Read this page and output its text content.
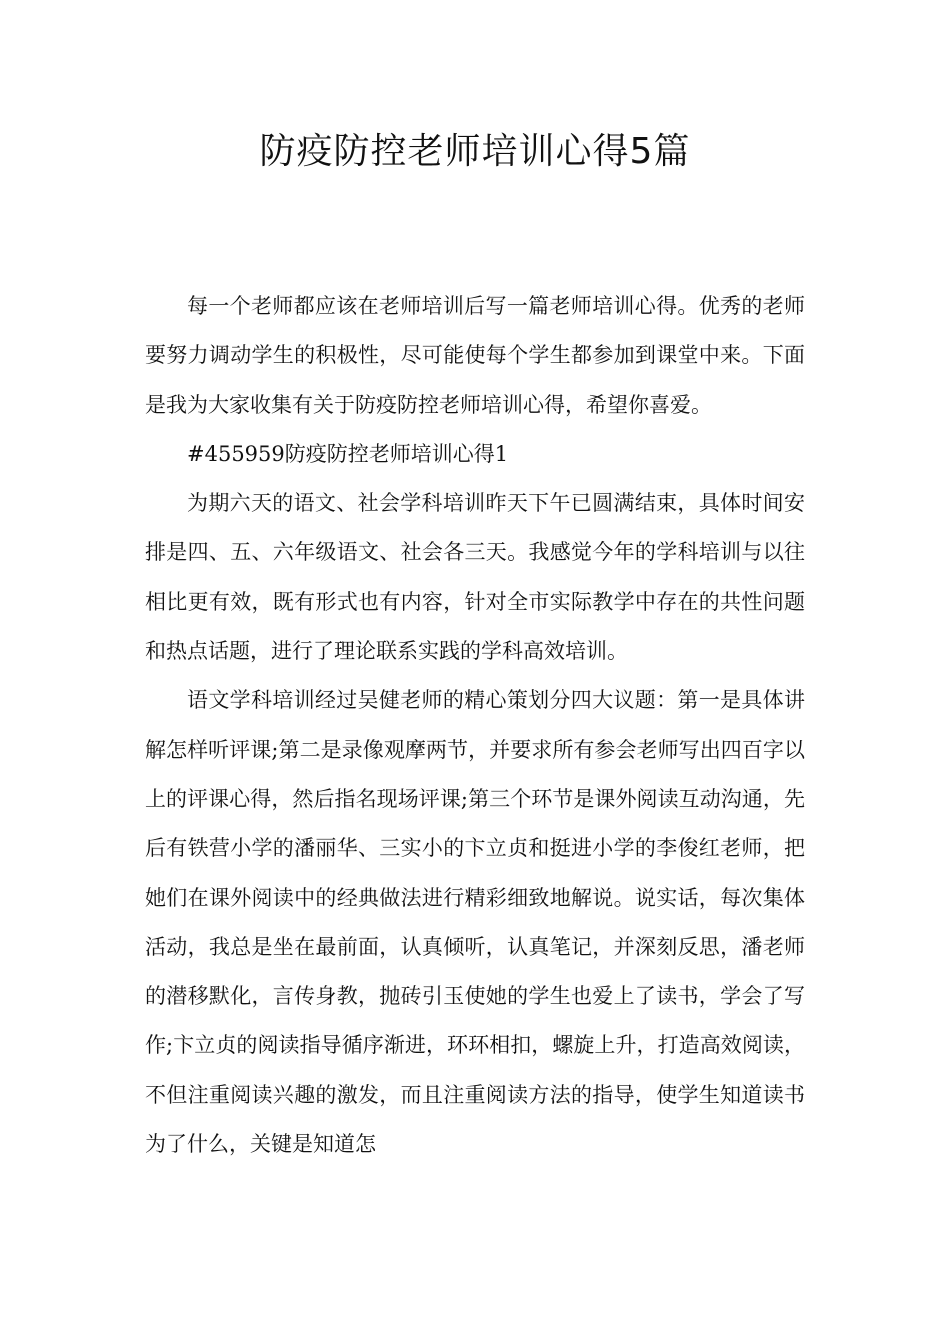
防疫防控老师培训心得5篇

每一个老师都应该在老师培训后写一篇老师培训心得。优秀的老师要努力调动学生的积极性，尽可能使每个学生都参加到课堂中来。下面是我为大家收集有关于防疫防控老师培训心得，希望你喜爱。

#455959防疫防控老师培训心得1

为期六天的语文、社会学科培训昨天下午已圆满结束，具体时间安排是四、五、六年级语文、社会各三天。我感觉今年的学科培训与以往相比更有效，既有形式也有内容，针对全市实际教学中存在的共性问题和热点话题，进行了理论联系实践的学科高效培训。

语文学科培训经过吴健老师的精心策划分四大议题：第一是具体讲解怎样听评课;第二是录像观摩两节，并要求所有参会老师写出四百字以上的评课心得，然后指名现场评课;第三个环节是课外阅读互动沟通，先后有铁营小学的潘丽华、三实小的卞立贞和挺进小学的李俊红老师，把她们在课外阅读中的经典做法进行精彩细致地解说。说实话，每次集体活动，我总是坐在最前面，认真倾听，认真笔记，并深刻反思，潘老师的潜移默化，言传身教，抛砖引玉使她的学生也爱上了读书，学会了写作;卞立贞的阅读指导循序渐进，环环相扣，螺旋上升，打造高效阅读，不但注重阅读兴趣的激发，而且注重阅读方法的指导，使学生知道读书为了什么，关键是知道怎
